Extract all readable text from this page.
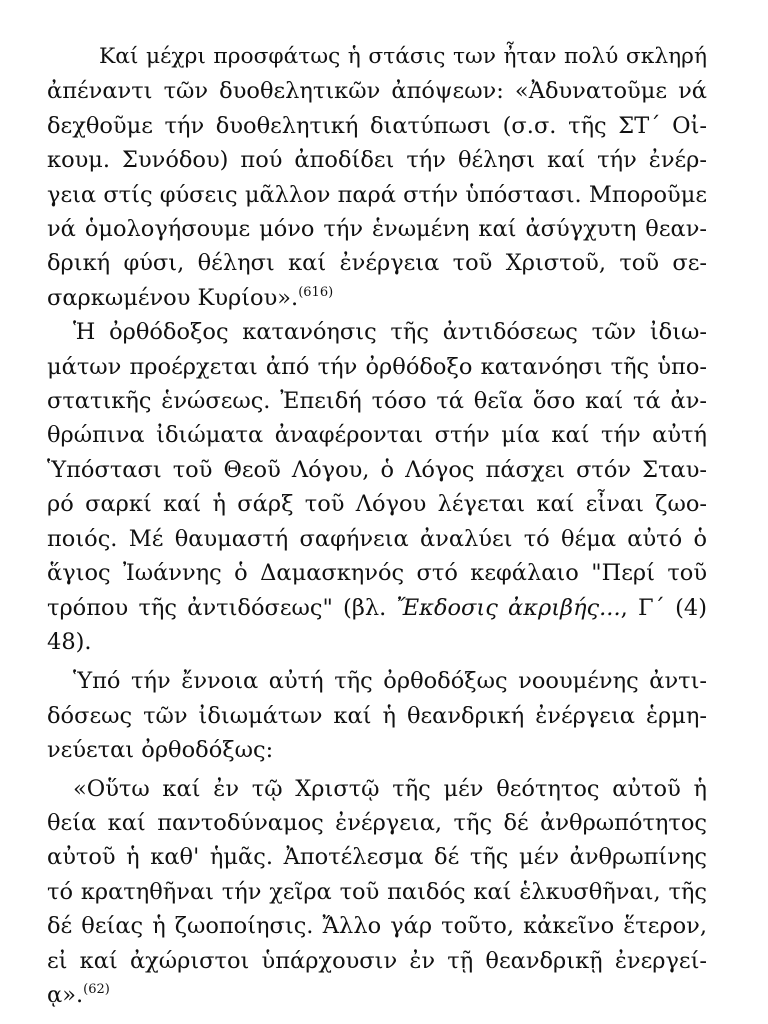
Καί μέχρι προσφάτως ἡ στάσις των ἦταν πολύ σκληρή
ἀπέναντι τῶν δυοθελητικῶν ἀπόψεων: «Ἀδυνατοῦμε νά
δεχθοῦμε τήν δυοθελητική διατύπωσι (σ.σ. τῆς ΣΤ΄ Οἰ-
κουμ. Συνόδου) πού ἀποδίδει τήν θέλησι καί τήν ἐνέρ-
γεια στίς φύσεις μᾶλλον παρά στήν ὑπόστασι. Μποροῦμε
νά ὁμολογήσουμε μόνο τήν ἑνωμένη καί ἀσύγχυτη θεαν-
δρική φύσι, θέλησι καί ἐνέργεια τοῦ Χριστοῦ, τοῦ σε-
σαρκωμένου Κυρίου».$^{(616)}$
Ἡ ὀρθόδοξος κατανόησις τῆς ἀντιδόσεως τῶν ἰδιω-
μάτων προέρχεται ἀπό τήν ὀρθόδοξο κατανόησι τῆς ὑπο-
στατικῆς ἑνώσεως. Ἐπειδή τόσο τά θεῖα ὅσο καί τά ἀν-
θρώπινα ἰδιώματα ἀναφέρονται στήν μία καί τήν αὐτή
Ὑπόστασι τοῦ Θεοῦ Λόγου, ὁ Λόγος πάσχει στόν Σταυ-
ρό σαρκί καί ἡ σάρξ τοῦ Λόγου λέγεται καί εἶναι ζωο-
ποιός. Μέ θαυμαστή σαφήνεια ἀναλύει τό θέμα αὐτό ὁ
ἅγιος Ἰωάννης ὁ Δαμασκηνός στό κεφάλαιο "Περί τοῦ
τρόπου τῆς ἀντιδόσεως" (βλ. Ἔκδοσις ἀκριβής..., Γ΄ (4)
48).
Ὑπό τήν ἔννοια αὐτή τῆς ὀρθοδόξως νοουμένης ἀντι-
δόσεως τῶν ἰδιωμάτων καί ἡ θεανδρική ἐνέργεια ἑρμη-
νεύεται ὀρθοδόξως:
«Οὕτω καί ἐν τῷ Χριστῷ τῆς μέν θεότητος αὐτοῦ ἡ
θεία καί παντοδύναμος ἐνέργεια, τῆς δέ ἀνθρωπότητος
αὐτοῦ ἡ καθ' ἡμᾶς. Ἀποτέλεσμα δέ τῆς μέν ἀνθρωπίνης
τό κρατηθῆναι τήν χεῖρα τοῦ παιδός καί ἑλκυσθῆναι, τῆς
δέ θείας ἡ ζωοποίησις. Ἄλλο γάρ τοῦτο, κἀκεῖνο ἕτερον,
εἰ καί ἀχώριστοι ὑπάρχουσιν ἐν τῇ θεανδρικῇ ἐνεργεί-
ᾳ».$^{(62)}$
